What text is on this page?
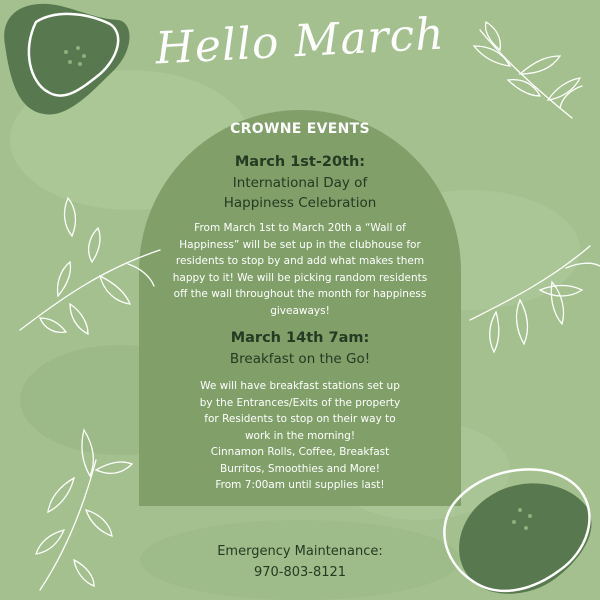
Hello March
CROWNE EVENTS
March 1st-20th:
International Day of
Happiness Celebration
From March 1st to March 20th a “Wall of
Happiness” will be set up in the clubhouse for
residents to stop by and add what makes them
happy to it! We will be picking random residents
off the wall throughout the month for happiness
giveaways!
March 14th 7am:
Breakfast on the Go!
We will have breakfast stations set up
by the Entrances/Exits of the property
for Residents to stop on their way to
work in the morning!
Cinnamon Rolls, Coffee, Breakfast
Burritos, Smoothies and More!
From 7:00am until supplies last!
Emergency Maintenance:
970-803-8121
